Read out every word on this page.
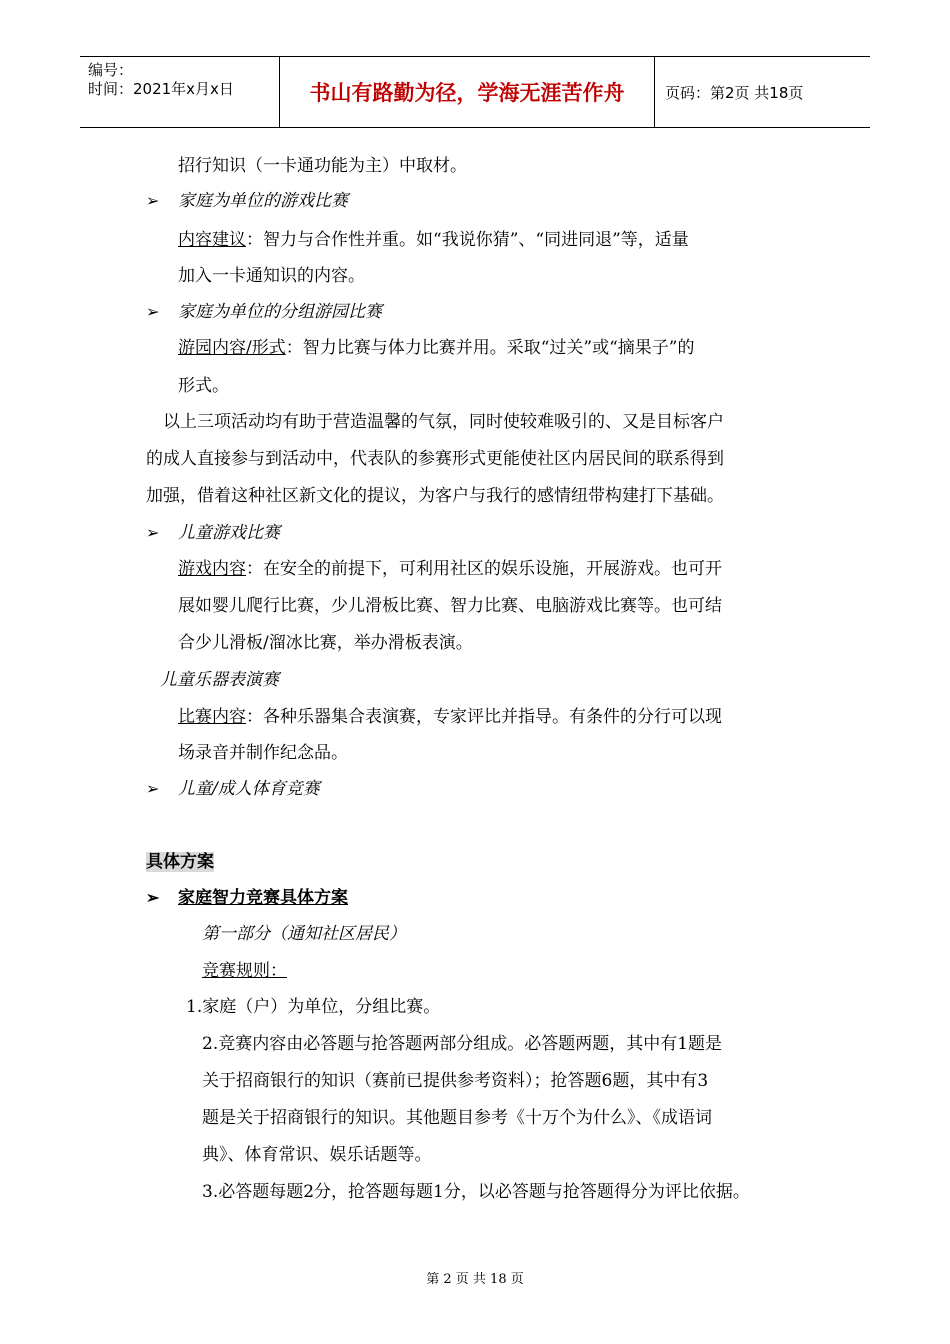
编号：
时间：2021年x月x日	书山有路勤为径，学海无涯苦作舟	页码：第2页 共18页
招行知识（一卡通功能为主）中取材。
➢ 家庭为单位的游戏比赛
内容建议：智力与合作性并重。如“我说你猜”、“同进同退”等，适量
加入一卡通知识的内容。
➢ 家庭为单位的分组游园比赛
游园内容/形式：智力比赛与体力比赛并用。采取“过关”或“摘果子”的
形式。
以上三项活动均有助于营造温馨的气氛，同时使较难吸引的、又是目标客户
的成人直接参与到活动中，代表队的参赛形式更能使社区内居民间的联系得到
加强，借着这种社区新文化的提议，为客户与我行的感情纽带构建打下基础。
➢ 儿童游戏比赛
游戏内容：在安全的前提下，可利用社区的娱乐设施，开展游戏。也可开
展如婴儿爬行比赛，少儿滑板比赛、智力比赛、电脑游戏比赛等。也可结
合少儿滑板/溜冰比赛，举办滑板表演。
儿童乐器表演赛
比赛内容：各种乐器集合表演赛，专家评比并指导。有条件的分行可以现
场录音并制作纪念品。
➢ 儿童/成人体育竞赛
具体方案
➢ 家庭智力竞赛具体方案
第一部分（通知社区居民）
竞赛规则：
1.家庭（户）为单位，分组比赛。
2.竞赛内容由必答题与抢答题两部分组成。必答题两题，其中有1题是
关于招商银行的知识（赛前已提供参考资料）；抢答题6题，其中有3
题是关于招商银行的知识。其他题目参考《十万个为什么》、《成语词
典》、体育常识、娱乐话题等。
3.必答题每题2分，抢答题每题1分，以必答题与抢答题得分为评比依据。
第 2 页 共 18 页
